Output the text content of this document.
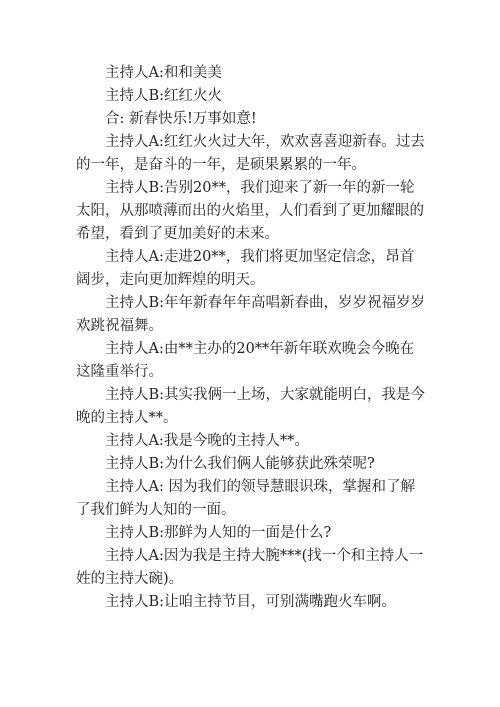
主持人A:和和美美

主持人B:红红火火

合: 新春快乐!万事如意!

主持人A:红红火火过大年，欢欢喜喜迎新春。过去的一年，是奋斗的一年，是硕果累累的一年。

主持人B:告别20**，我们迎来了新一年的新一轮太阳，从那喷薄而出的火焰里，人们看到了更加耀眼的希望，看到了更加美好的未来。

主持人A:走进20**，我们将更加坚定信念，昂首阔步，走向更加辉煌的明天。

主持人B:年年新春年年高唱新春曲，岁岁祝福岁岁欢跳祝福舞。

主持人A:由**主办的20**年新年联欢晚会今晚在这隆重举行。

主持人B:其实我俩一上场，大家就能明白，我是今晚的主持人**。

主持人A:我是今晚的主持人**。

主持人B:为什么我们俩人能够获此殊荣呢?

主持人A: 因为我们的领导慧眼识珠，掌握和了解了我们鲜为人知的一面。

主持人B:那鲜为人知的一面是什么?

主持人A:因为我是主持大腕***(找一个和主持人一姓的主持大碗)。

主持人B:让咱主持节目，可别满嘴跑火车啊。
